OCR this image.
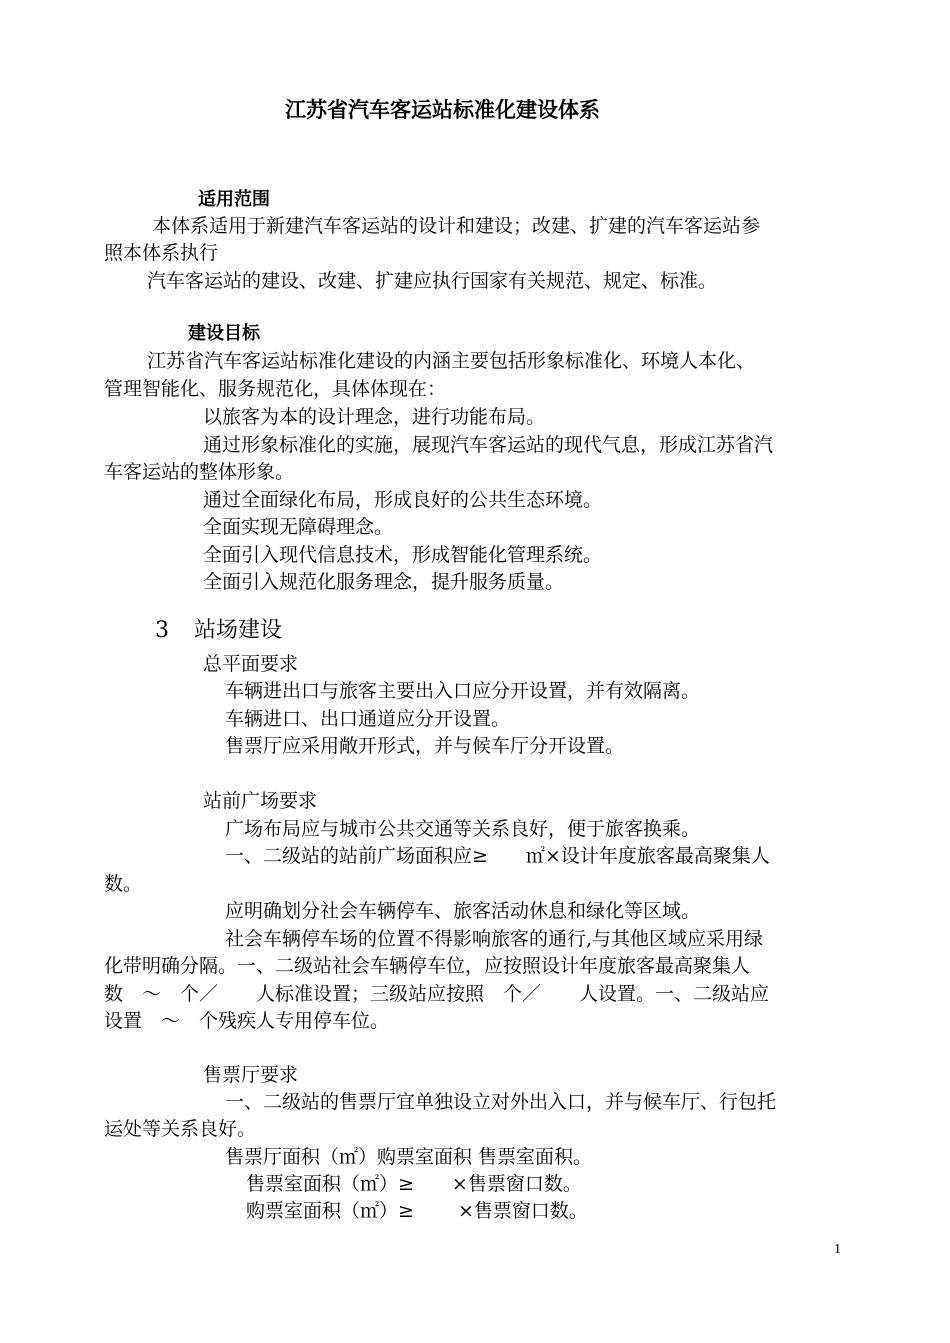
江苏省汽车客运站标准化建设体系
适用范围
本体系适用于新建汽车客运站的设计和建设；改建、扩建的汽车客运站参
照本体系执行
汽车客运站的建设、改建、扩建应执行国家有关规范、规定、标准。
建设目标
江苏省汽车客运站标准化建设的内涵主要包括形象标准化、环境人本化、
管理智能化、服务规范化，具体体现在：
以旅客为本的设计理念，进行功能布局。
通过形象标准化的实施，展现汽车客运站的现代气息，形成江苏省汽
车客运站的整体形象。
通过全面绿化布局，形成良好的公共生态环境。
全面实现无障碍理念。
全面引入现代信息技术，形成智能化管理系统。
全面引入规范化服务理念，提升服务质量。
3 站场建设
总平面要求
车辆进出口与旅客主要出入口应分开设置，并有效隔离。
车辆进口、出口通道应分开设置。
售票厅应采用敞开形式，并与候车厅分开设置。
站前广场要求
广场布局应与城市公共交通等关系良好，便于旅客换乘。
一、二级站的站前广场面积应≥　　㎡×设计年度旅客最高聚集人
数。
应明确划分社会车辆停车、旅客活动休息和绿化等区域。
社会车辆停车场的位置不得影响旅客的通行,与其他区域应采用绿
化带明确分隔。一、二级站社会车辆停车位，应按照设计年度旅客最高聚集人
数　～　个／　　人标准设置；三级站应按照　个／　　人设置。一、二级站应
设置　～　个残疾人专用停车位。
售票厅要求
一、二级站的售票厅宜单独设立对外出入口，并与候车厅、行包托
运处等关系良好。
售票厅面积（㎡）购票室面积 售票室面积。
售票室面积（㎡）≥　　×售票窗口数。
购票室面积（㎡）≥　　 ×售票窗口数。
1
